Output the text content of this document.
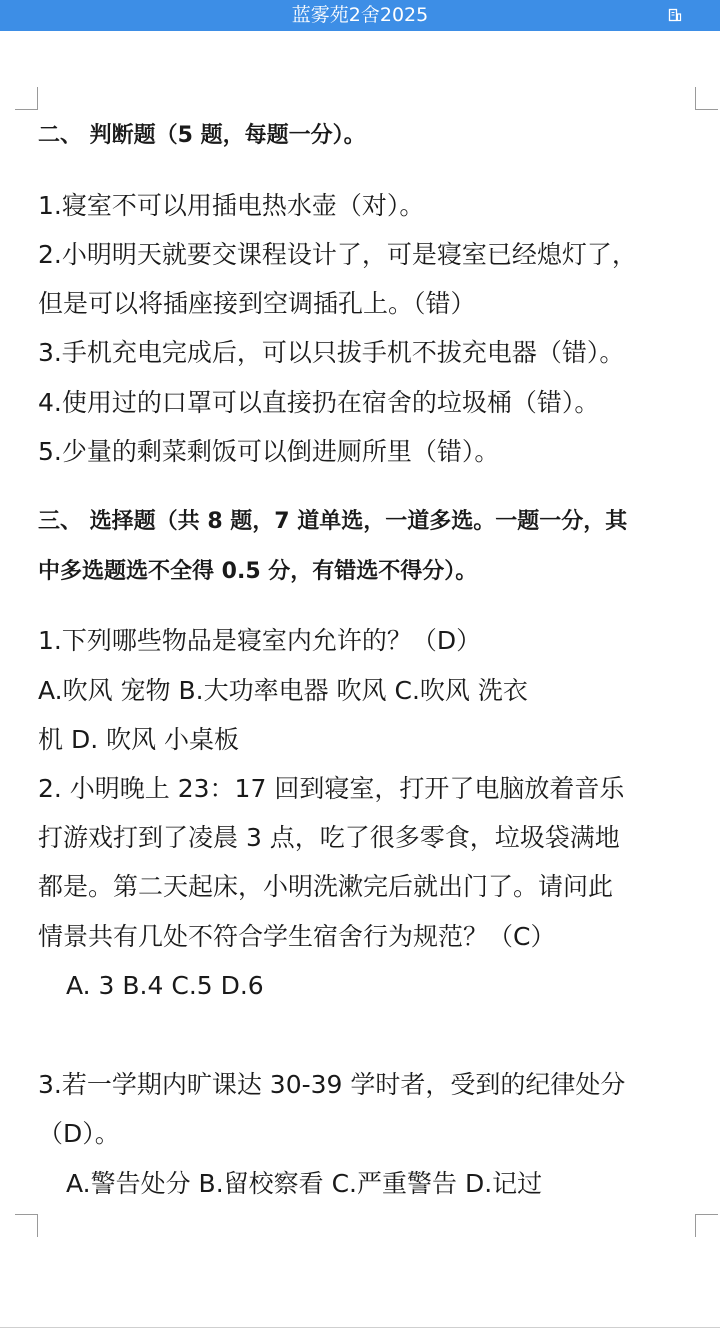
蓝雾苑2舍2025
二、 判断题（5 题，每题一分）。
1.寝室不可以用插电热水壶（对）。
2.小明明天就要交课程设计了，可是寝室已经熄灯了，
但是可以将插座接到空调插孔上。（错）
3.手机充电完成后，可以只拔手机不拔充电器（错）。
4.使用过的口罩可以直接扔在宿舍的垃圾桶（错）。
5.少量的剩菜剩饭可以倒进厕所里（错）。
三、 选择题（共 8 题，7 道单选，一道多选。一题一分，其
中多选题选不全得 0.5 分，有错选不得分）。
1.下列哪些物品是寝室内允许的？（D）
A.吹风 宠物 B.大功率电器 吹风 C.吹风 洗衣
机 D. 吹风 小桌板
2. 小明晚上 23：17 回到寝室，打开了电脑放着音乐
打游戏打到了凌晨 3 点，吃了很多零食，垃圾袋满地
都是。第二天起床，小明洗漱完后就出门了。请问此
情景共有几处不符合学生宿舍行为规范？（C）
A. 3 B.4 C.5 D.6
3.若一学期内旷课达 30-39 学时者，受到的纪律处分
（D）。
A.警告处分 B.留校察看 C.严重警告 D.记过
